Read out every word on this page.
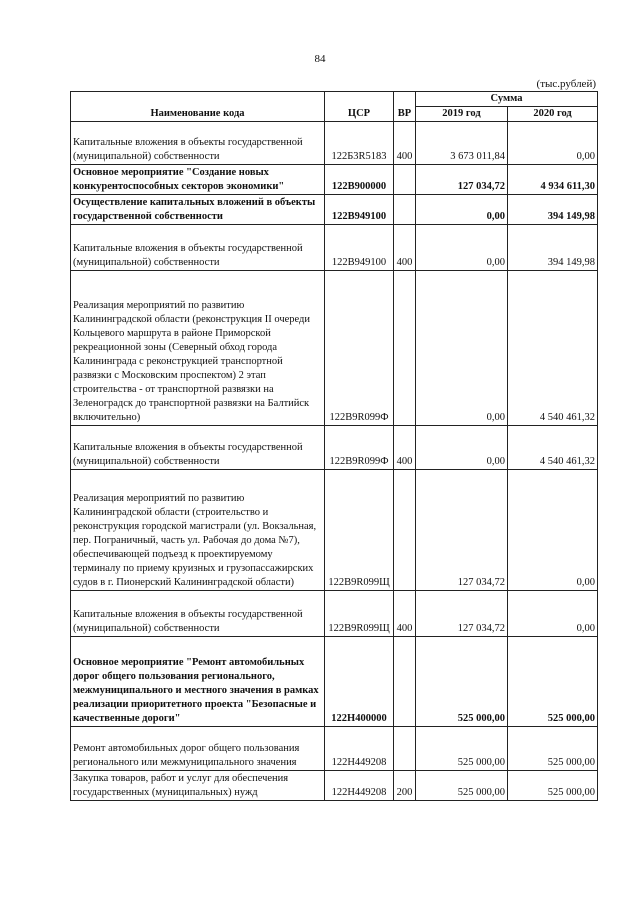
84
(тыс.рублей)
Наименование кода	ЦСР	ВР	Сумма	
			2019 год	2020 год
Капитальные вложения в объекты государственной (муниципальной) собственности	122Б3R5183	400	3 673 011,84	0,00
Основное мероприятие "Создание новых конкурентоспособных секторов экономики"	122В900000		127 034,72	4 934 611,30
Осуществление капитальных вложений в объекты государственной собственности	122В949100		0,00	394 149,98
Капитальные вложения в объекты государственной (муниципальной) собственности	122В949100	400	0,00	394 149,98
Реализация мероприятий по развитию Калининградской области (реконструкция II очереди Кольцевого маршрута в районе Приморской рекреационной зоны (Северный обход города Калининграда с реконструкцией транспортной развязки с Московским проспектом) 2 этап строительства - от транспортной развязки на Зеленоградск до транспортной развязки на Балтийск включительно)	122В9R099Ф		0,00	4 540 461,32
Капитальные вложения в объекты государственной (муниципальной) собственности	122В9R099Ф	400	0,00	4 540 461,32
Реализация мероприятий по развитию Калининградской области (строительство и реконструкция городской магистрали (ул. Вокзальная, пер. Пограничный, часть ул. Рабочая до дома №7), обеспечивающей подъезд к проектируемому терминалу по приему круизных и грузопассажирских судов в г. Пионерский Калининградской области)	122В9R099Щ		127 034,72	0,00
Капитальные вложения в объекты государственной (муниципальной) собственности	122В9R099Щ	400	127 034,72	0,00
Основное мероприятие "Ремонт автомобильных дорог общего пользования регионального, межмуниципального и местного значения в рамках реализации приоритетного проекта "Безопасные и качественные дороги"	122Н400000		525 000,00	525 000,00
Ремонт автомобильных дорог общего пользования регионального или межмуниципального значения	122Н449208		525 000,00	525 000,00
Закупка товаров, работ и услуг для обеспечения государственных (муниципальных) нужд	122Н449208	200	525 000,00	525 000,00
